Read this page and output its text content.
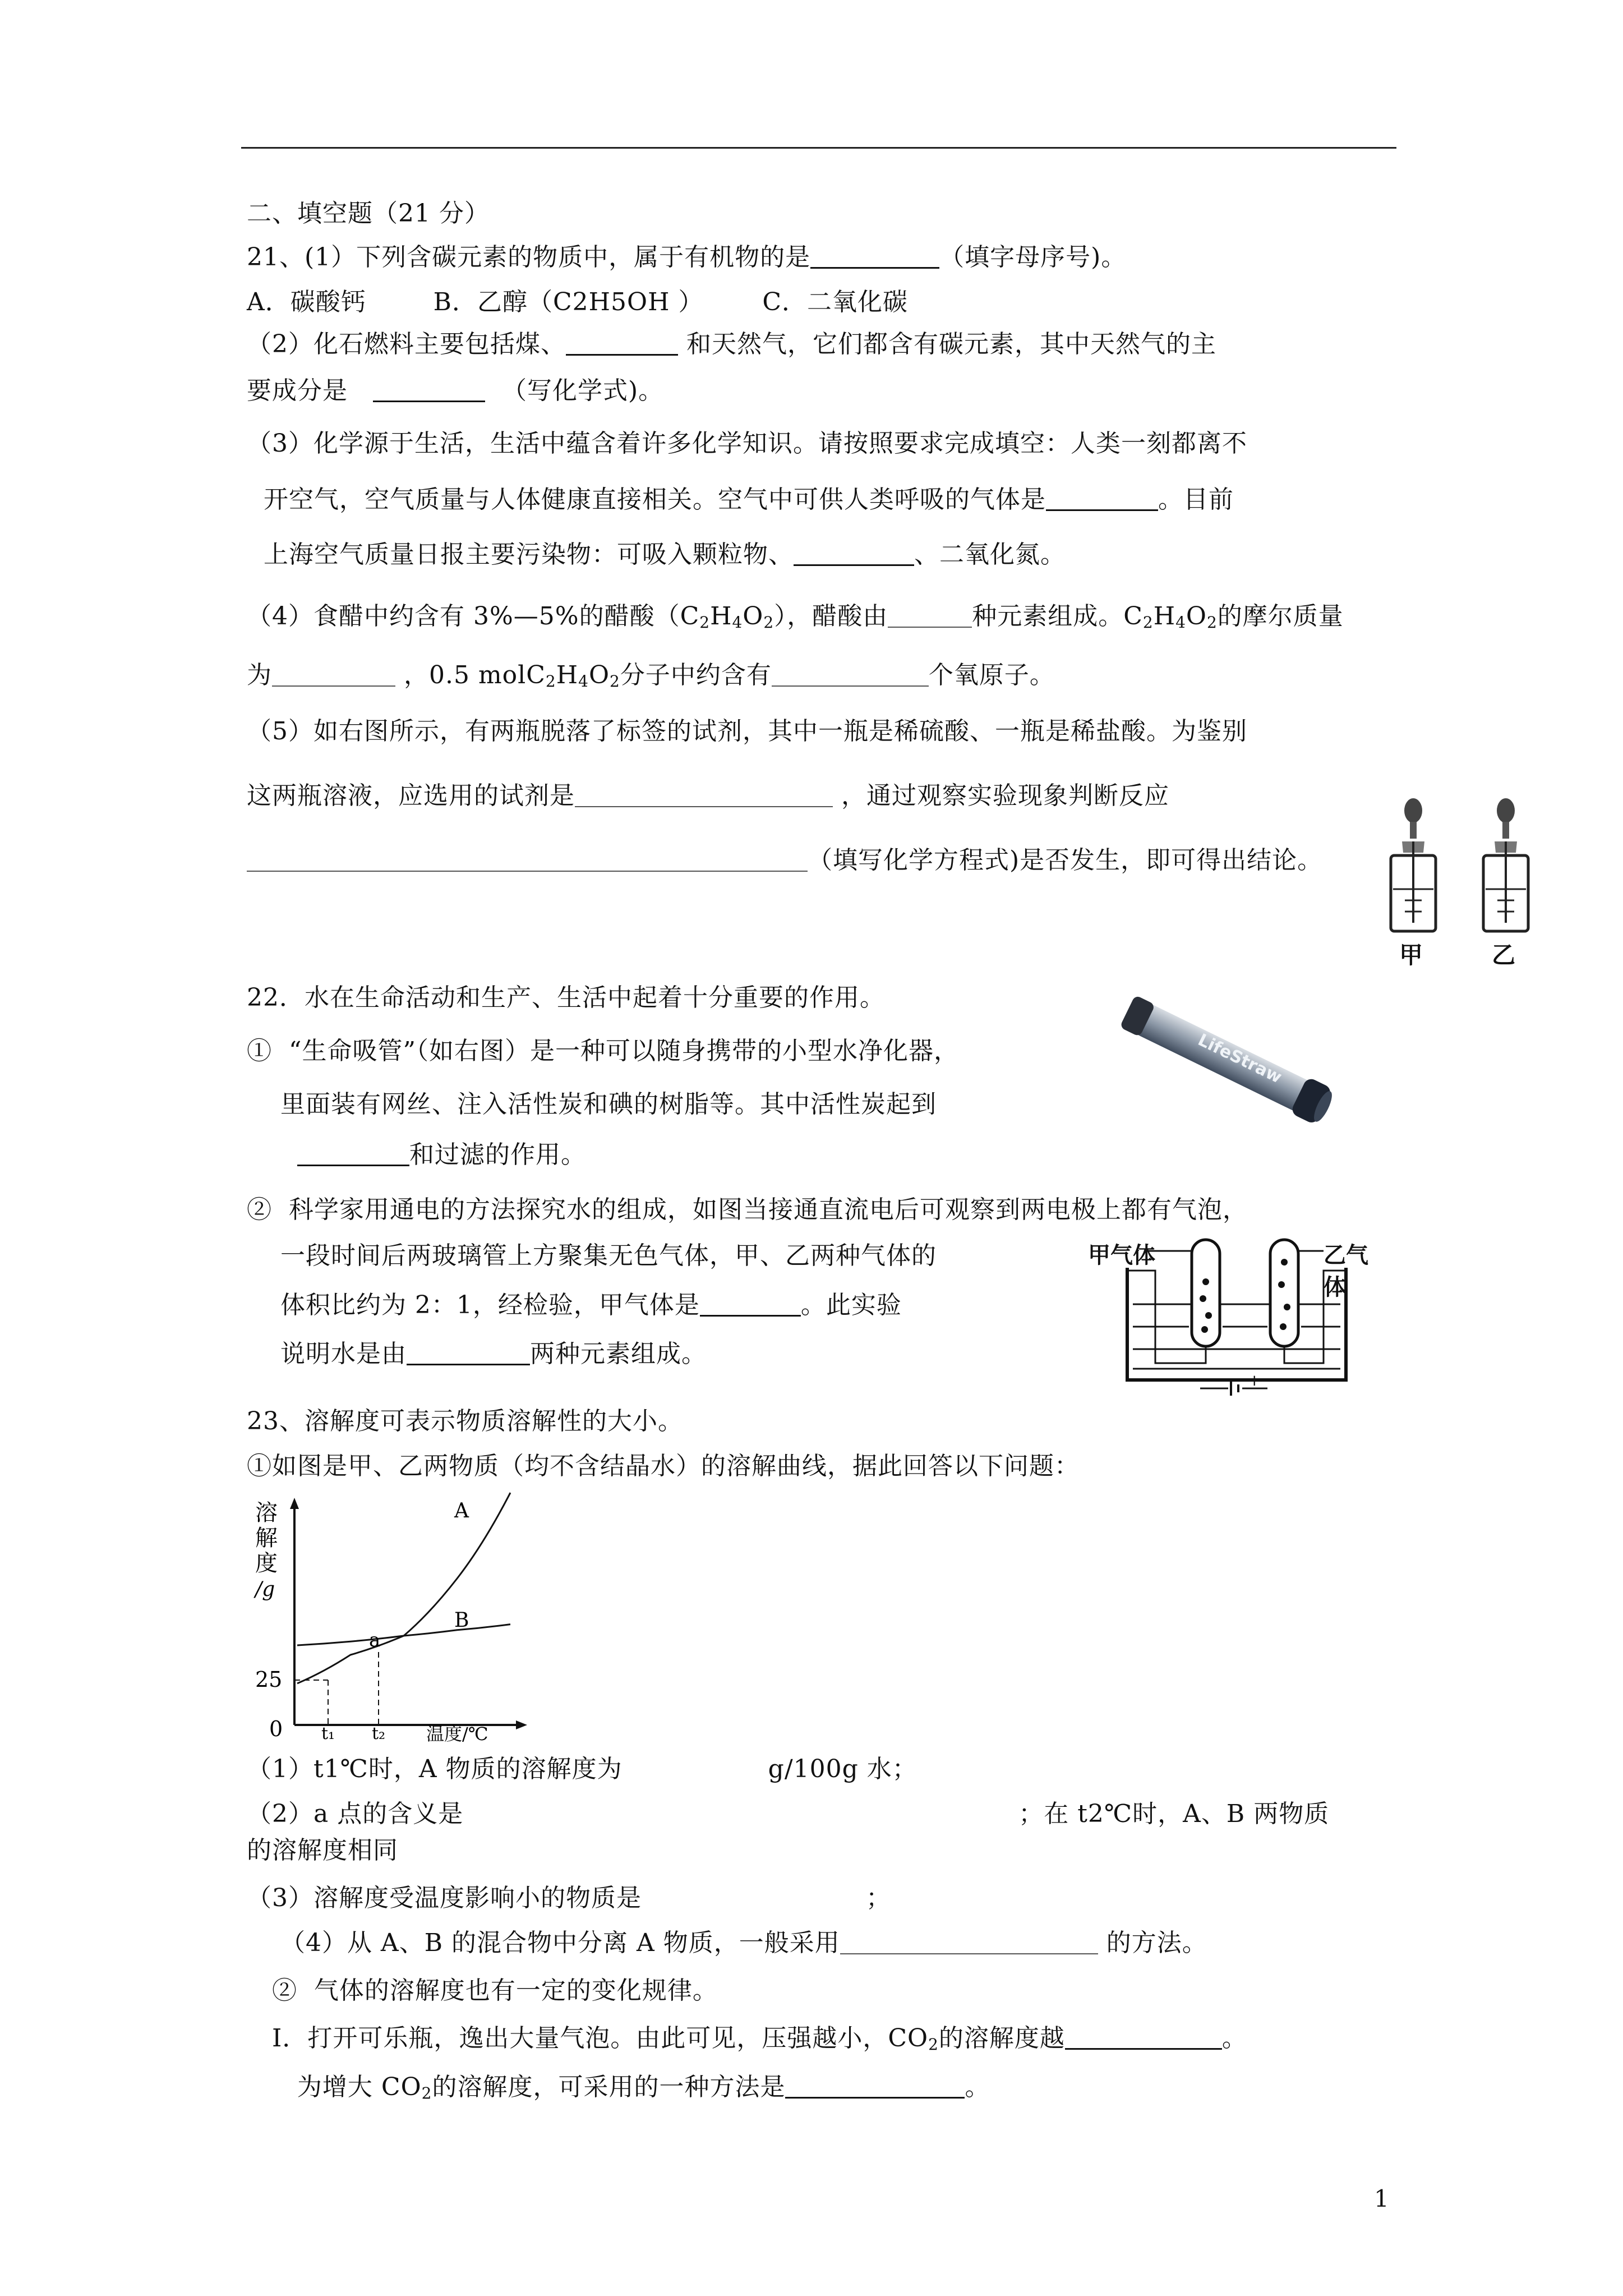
二、填空题（21 分）
21、(1）下列含碳元素的物质中，属于有机物的是	（填字母序号)。
A．碳酸钙        B．乙醇（C2H5OH ）       C．二氧化碳
（2）化石燃料主要包括煤、	和天然气，它们都含有碳元素，其中天然气的主
要成分是	（写化学式)。
（3）化学源于生活，生活中蕴含着许多化学知识。请按照要求完成填空：人类一刻都离不
开空气，空气质量与人体健康直接相关。空气中可供人类呼吸的气体是	。目前
上海空气质量日报主要污染物：可吸入颗粒物、	、二氧化氮。
（4）食醋中约含有 3%—5%的醋酸$(C_2H_4O_2)$，醋酸由	种元素组成。$C_2H_4O_2$的摩尔质量
为	，0.5 $molC_2H_4O_2$分子中约含有	个氧原子。
（5）如右图所示，有两瓶脱落了标签的试剂，其中一瓶是稀硫酸、一瓶是稀盐酸。为鉴别
这两瓶溶液，应选用的试剂是	，通过观察实验现象判断反应
（填写化学方程式)是否发生，即可得出结论。
甲	乙
22．水在生命活动和生产、生活中起着十分重要的作用。
①  “生命吸管”（如右图）是一种可以随身携带的小型水净化器，
里面装有网丝、注入活性炭和碘的树脂等。其中活性炭起到
和过滤的作用。
LifeStraw
②  科学家用通电的方法探究水的组成，如图当接通直流电后可观察到两电极上都有气泡，
一段时间后两玻璃管上方聚集无色气体，甲、乙两种气体的
体积比约为 2：1，经检验，甲气体是	。此实验
说明水是由	两种元素组成。
− +
甲气体	乙气体
23、溶解度可表示物质溶解性的大小。
①如图是甲、乙两物质（均不含结晶水）的溶解曲线，据此回答以下问题：
溶
解
度
/g
25
0 t₁ t₂ 温度/℃
a
A
B
（1）t1℃时，A 物质的溶解度为	g/100g 水；
（2）a 点的含义是	；在 t2℃时，A、B 两物质
的溶解度相同
（3）溶解度受温度影响小的物质是	；
（4）从 A、B 的混合物中分离 A 物质，一般采用	的方法。
②  气体的溶解度也有一定的变化规律。
Ⅰ．打开可乐瓶，逸出大量气泡。由此可见，压强越小，$CO_2$的溶解度越	。
为增大 $CO_2$的溶解度，可采用的一种方法是	。
1
